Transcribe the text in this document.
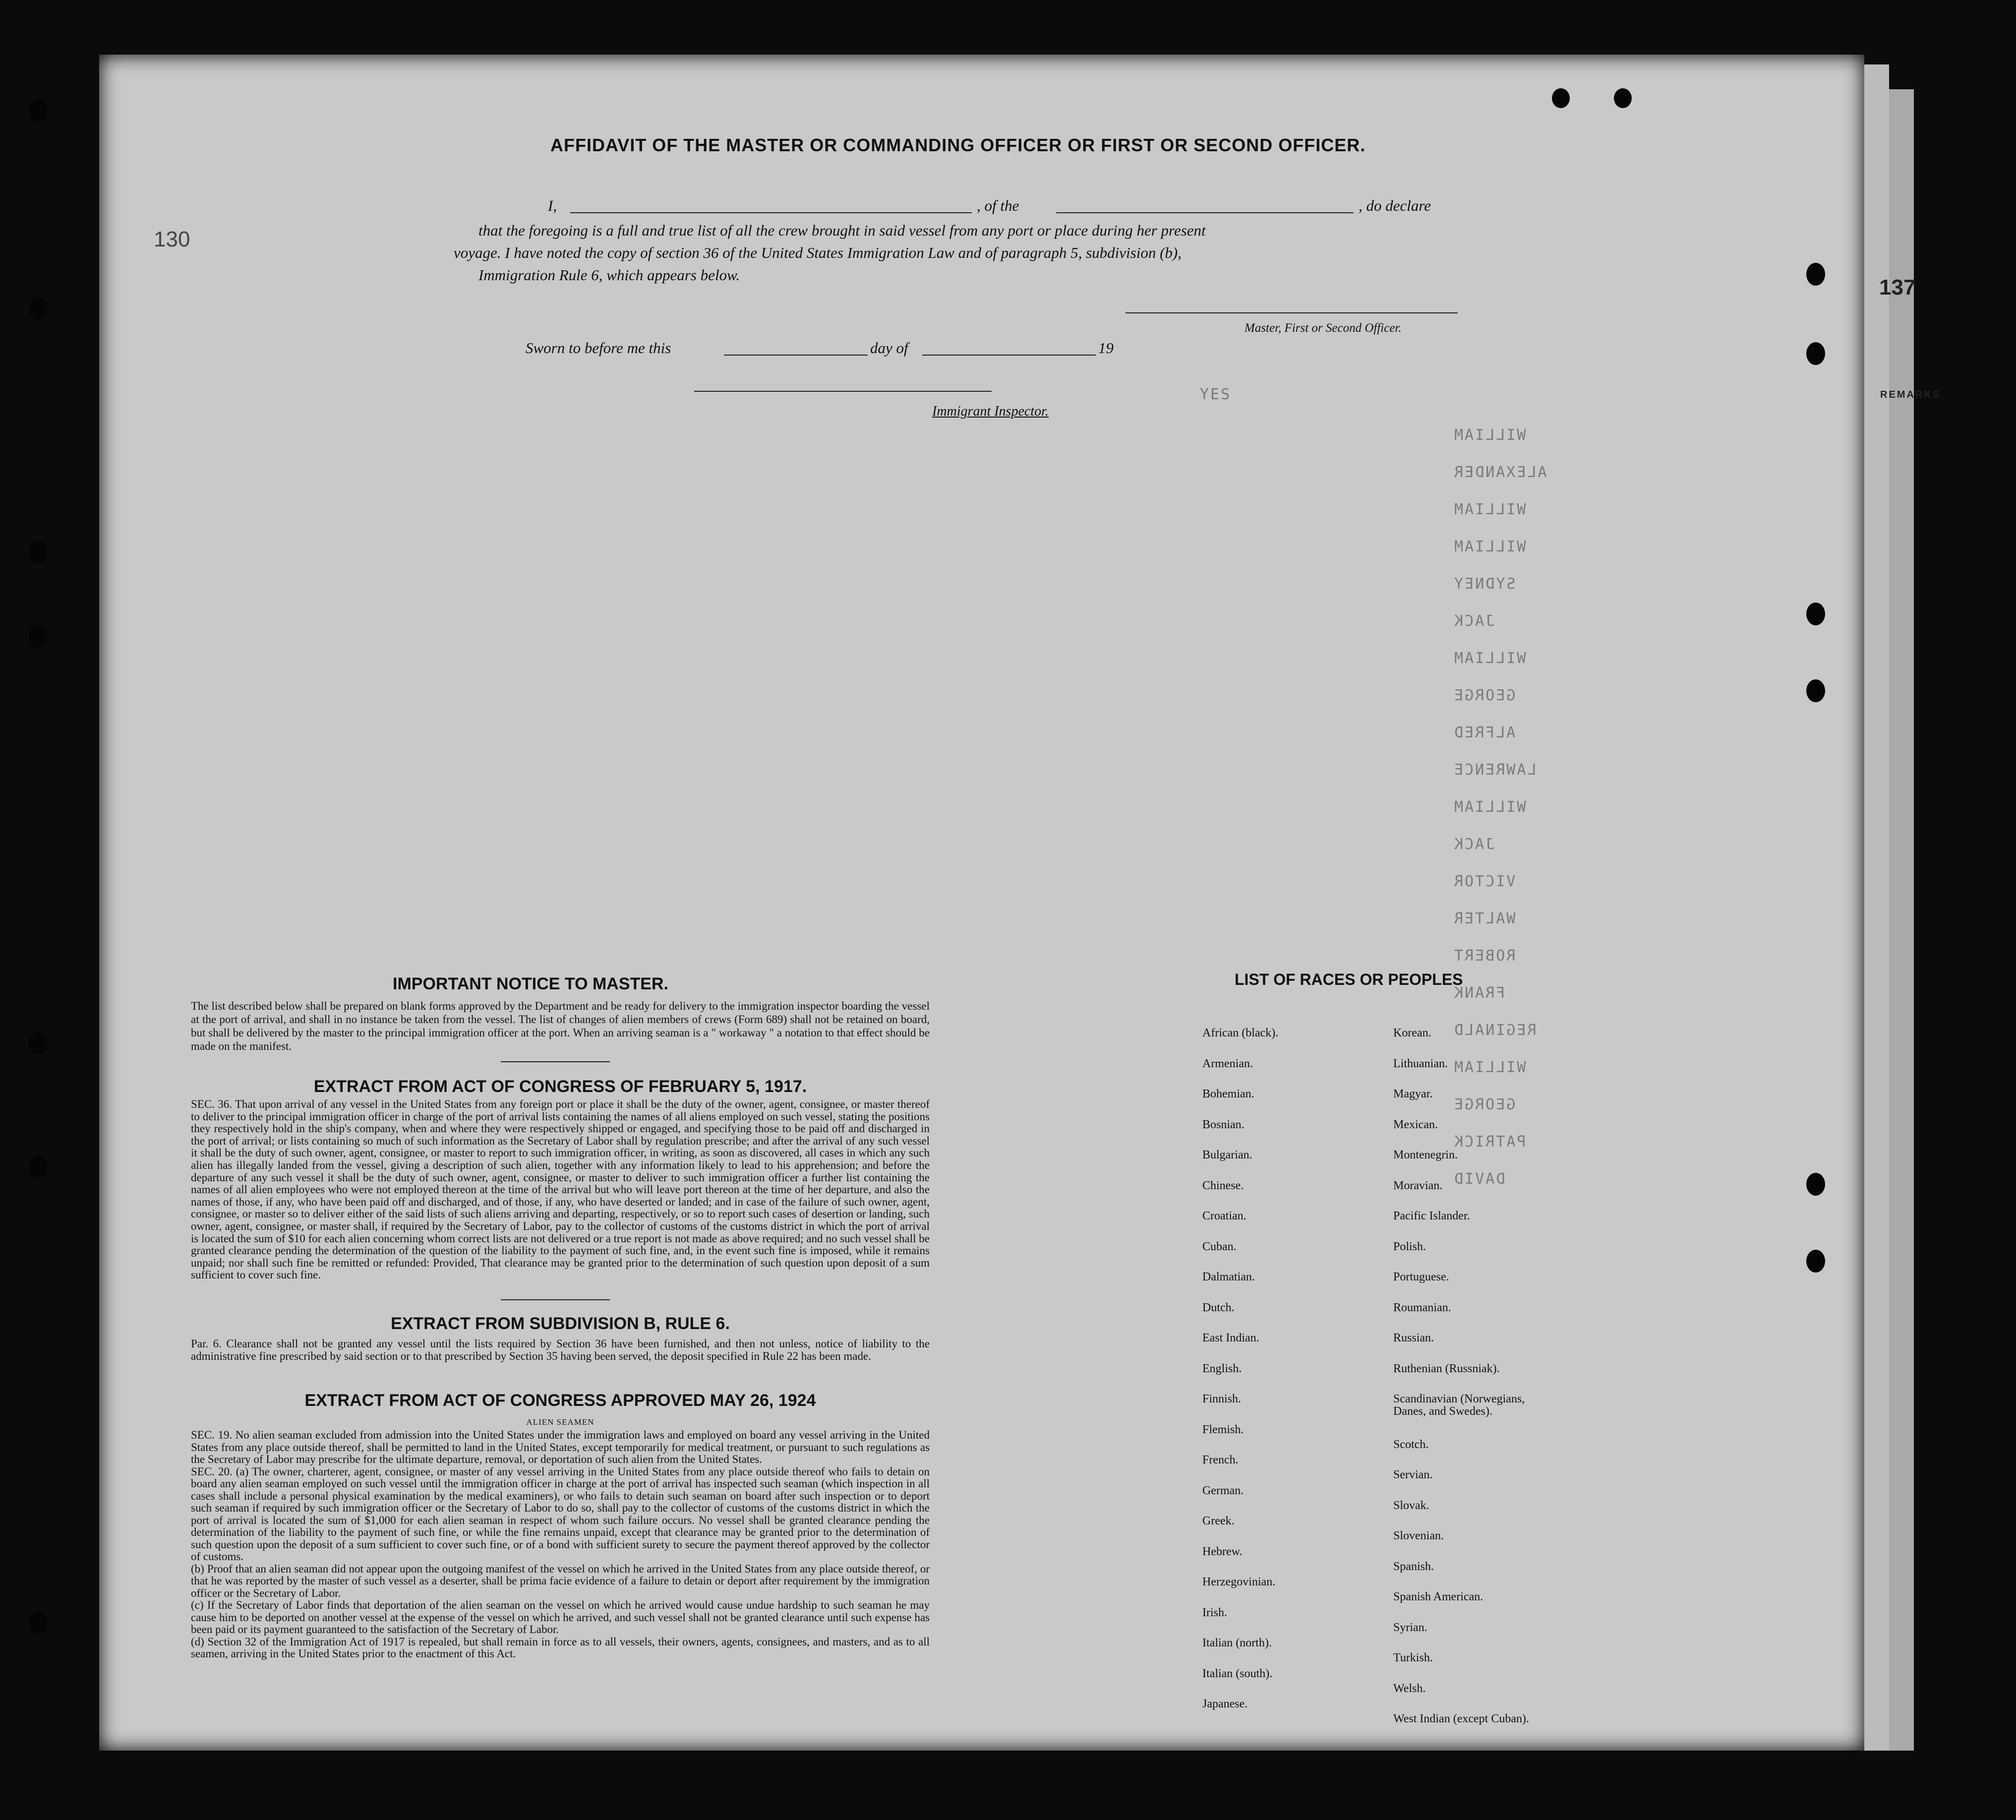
130
137
REMARKS
AFFIDAVIT OF THE MASTER OR COMMANDING OFFICER OR FIRST OR SECOND OFFICER.
I,	, of the	, do declare
that the foregoing is a full and true list of all the crew brought in said vessel from any port or place during her present
voyage. I have noted the copy of section 36 of the United States Immigration Law and of paragraph 5, subdivision (b),
Immigration Rule 6, which appears below.
Master, First or Second Officer.
Sworn to before me this	day of	19
Immigrant Inspector.
YES
WILLIAM
ALEXANDER
WILLIAM
WILLIAM
SYDNEY
JACK
WILLIAM
GEORGE
ALFRED
LAWRENCE
WILLIAM
JACK
VICTOR
WALTER
ROBERT
FRANK
REGINALD
WILLIAM
GEORGE
PATRICK
DAVID
IMPORTANT NOTICE TO MASTER.
The list described below shall be prepared on blank forms approved by the Department and be ready for delivery to the immigration inspector boarding the vessel at the port of arrival, and shall in no instance be taken from the vessel. The list of changes of alien members of crews (Form 689) shall not be retained on board, but shall be delivered by the master to the principal immigration officer at the port. When an arriving seaman is a " workaway " a notation to that effect should be made on the manifest.
EXTRACT FROM ACT OF CONGRESS OF FEBRUARY 5, 1917.
SEC. 36. That upon arrival of any vessel in the United States from any foreign port or place it shall be the duty of the owner, agent, consignee, or master thereof to deliver to the principal immigration officer in charge of the port of arrival lists containing the names of all aliens employed on such vessel, stating the positions they respectively hold in the ship's company, when and where they were respectively shipped or engaged, and specifying those to be paid off and discharged in the port of arrival; or lists containing so much of such information as the Secretary of Labor shall by regulation prescribe; and after the arrival of any such vessel it shall be the duty of such owner, agent, consignee, or master to report to such immigration officer, in writing, as soon as discovered, all cases in which any such alien has illegally landed from the vessel, giving a description of such alien, together with any information likely to lead to his apprehension; and before the departure of any such vessel it shall be the duty of such owner, agent, consignee, or master to deliver to such immigration officer a further list containing the names of all alien employees who were not employed thereon at the time of the arrival but who will leave port thereon at the time of her departure, and also the names of those, if any, who have been paid off and discharged, and of those, if any, who have deserted or landed; and in case of the failure of such owner, agent, consignee, or master so to deliver either of the said lists of such aliens arriving and departing, respectively, or so to report such cases of desertion or landing, such owner, agent, consignee, or master shall, if required by the Secretary of Labor, pay to the collector of customs of the customs district in which the port of arrival is located the sum of $10 for each alien concerning whom correct lists are not delivered or a true report is not made as above required; and no such vessel shall be granted clearance pending the determination of the question of the liability to the payment of such fine, and, in the event such fine is imposed, while it remains unpaid; nor shall such fine be remitted or refunded: Provided, That clearance may be granted prior to the determination of such question upon deposit of a sum sufficient to cover such fine.
EXTRACT FROM SUBDIVISION B, RULE 6.
Par. 6. Clearance shall not be granted any vessel until the lists required by Section 36 have been furnished, and then not unless, notice of liability to the administrative fine prescribed by said section or to that prescribed by Section 35 having been served, the deposit specified in Rule 22 has been made.
EXTRACT FROM ACT OF CONGRESS APPROVED MAY 26, 1924
ALIEN SEAMEN
SEC. 19. No alien seaman excluded from admission into the United States under the immigration laws and employed on board any vessel arriving in the United States from any place outside thereof, shall be permitted to land in the United States, except temporarily for medical treatment, or pursuant to such regulations as the Secretary of Labor may prescribe for the ultimate departure, removal, or deportation of such alien from the United States.
SEC. 20. (a) The owner, charterer, agent, consignee, or master of any vessel arriving in the United States from any place outside thereof who fails to detain on board any alien seaman employed on such vessel until the immigration officer in charge at the port of arrival has inspected such seaman (which inspection in all cases shall include a personal physical examination by the medical examiners), or who fails to detain such seaman on board after such inspection or to deport such seaman if required by such immigration officer or the Secretary of Labor to do so, shall pay to the collector of customs of the customs district in which the port of arrival is located the sum of $1,000 for each alien seaman in respect of whom such failure occurs. No vessel shall be granted clearance pending the determination of the liability to the payment of such fine, or while the fine remains unpaid, except that clearance may be granted prior to the determination of such question upon the deposit of a sum sufficient to cover such fine, or of a bond with sufficient surety to secure the payment thereof approved by the collector of customs.
(b) Proof that an alien seaman did not appear upon the outgoing manifest of the vessel on which he arrived in the United States from any place outside thereof, or that he was reported by the master of such vessel as a deserter, shall be prima facie evidence of a failure to detain or deport after requirement by the immigration officer or the Secretary of Labor.
(c) If the Secretary of Labor finds that deportation of the alien seaman on the vessel on which he arrived would cause undue hardship to such seaman he may cause him to be deported on another vessel at the expense of the vessel on which he arrived, and such vessel shall not be granted clearance until such expense has been paid or its payment guaranteed to the satisfaction of the Secretary of Labor.
(d) Section 32 of the Immigration Act of 1917 is repealed, but shall remain in force as to all vessels, their owners, agents, consignees, and masters, and as to all seamen, arriving in the United States prior to the enactment of this Act.
LIST OF RACES OR PEOPLES
African (black).
Armenian.
Bohemian.
Bosnian.
Bulgarian.
Chinese.
Croatian.
Cuban.
Dalmatian.
Dutch.
East Indian.
English.
Finnish.
Flemish.
French.
German.
Greek.
Hebrew.
Herzegovinian.
Irish.
Italian (north).
Italian (south).
Japanese.
Korean.
Lithuanian.
Magyar.
Mexican.
Montenegrin.
Moravian.
Pacific Islander.
Polish.
Portuguese.
Roumanian.
Russian.
Ruthenian (Russniak).
Scandinavian (Norwegians,
Scotch.
Servian.
Slovak.
Slovenian.
Spanish.
Spanish American.
Syrian.
Turkish.
Welsh.
West Indian (except Cuban).
Danes, and Swedes).
